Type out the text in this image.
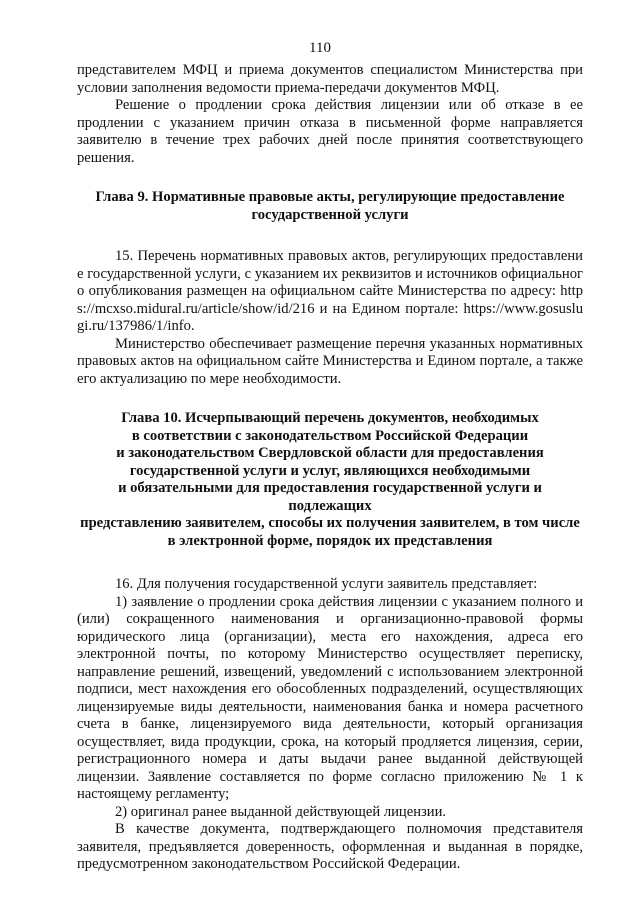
110

представителем МФЦ и приема документов специалистом Министерства при условии заполнения ведомости приема-передачи документов МФЦ.

Решение о продлении срока действия лицензии или об отказе в ее продлении с указанием причин отказа в письменной форме направляется заявителю в течение трех рабочих дней после принятия соответствующего решения.

Глава 9. Нормативные правовые акты, регулирующие предоставление
государственной услуги

15. Перечень нормативных правовых актов, регулирующих предоставление государственной услуги, с указанием их реквизитов и источников официального опубликования размещен на официальном сайте Министерства по адресу: https://mcxso.midural.ru/article/show/id/216 и на Едином портале: https://www.gosuslugi.ru/137986/1/info.

Министерство обеспечивает размещение перечня указанных нормативных правовых актов на официальном сайте Министерства и Едином портале, а также его актуализацию по мере необходимости.

Глава 10. Исчерпывающий перечень документов, необходимых
в соответствии с законодательством Российской Федерации
и законодательством Свердловской области для предоставления
государственной услуги и услуг, являющихся необходимыми
и обязательными для предоставления государственной услуги и подлежащих
представлению заявителем, способы их получения заявителем, в том числе
в электронной форме, порядок их представления

16. Для получения государственной услуги заявитель представляет:

1) заявление о продлении срока действия лицензии с указанием полного и (или) сокращенного наименования и организационно-правовой формы юридического лица (организации), места его нахождения, адреса его электронной почты, по которому Министерство осуществляет переписку, направление решений, извещений, уведомлений с использованием электронной подписи, мест нахождения его обособленных подразделений, осуществляющих лицензируемые виды деятельности, наименования банка и номера расчетного счета в банке, лицензируемого вида деятельности, который организация осуществляет, вида продукции, срока, на который продляется лицензия, серии, регистрационного номера и даты выдачи ранее выданной действующей лицензии. Заявление составляется по форме согласно приложению № 1 к настоящему регламенту;

2) оригинал ранее выданной действующей лицензии.

В качестве документа, подтверждающего полномочия представителя заявителя, предъявляется доверенность, оформленная и выданная в порядке, предусмотренном законодательством Российской Федерации.
